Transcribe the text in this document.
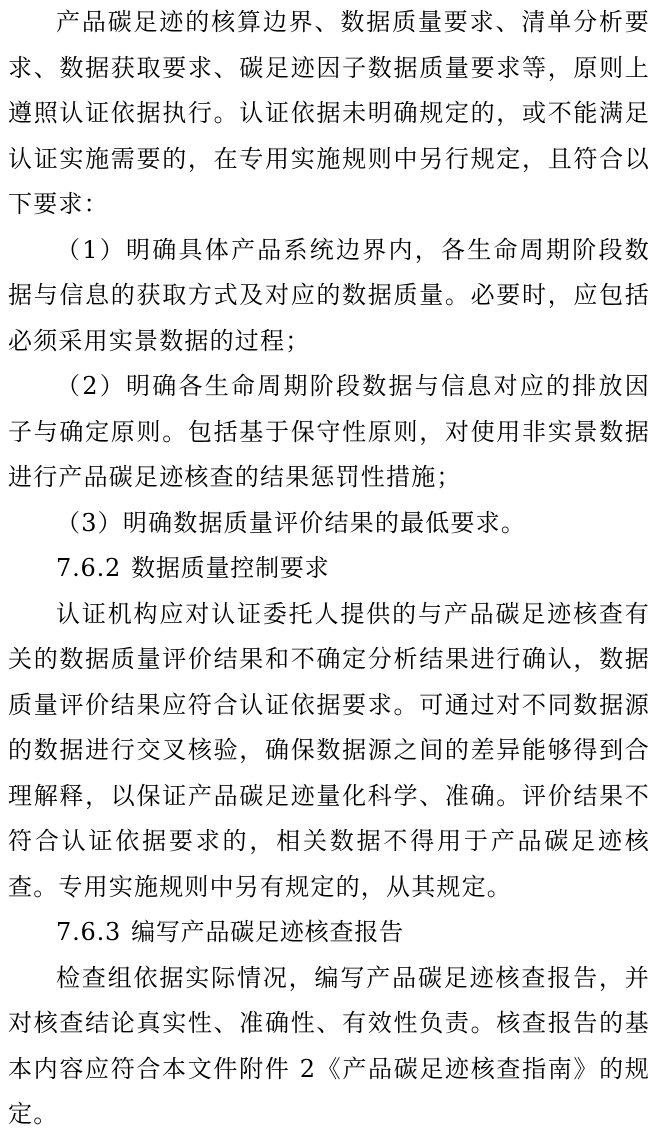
产品碳足迹的核算边界、数据质量要求、清单分析要求、数据获取要求、碳足迹因子数据质量要求等，原则上遵照认证依据执行。认证依据未明确规定的，或不能满足认证实施需要的，在专用实施规则中另行规定，且符合以下要求：

（1）明确具体产品系统边界内，各生命周期阶段数据与信息的获取方式及对应的数据质量。必要时，应包括必须采用实景数据的过程；

（2）明确各生命周期阶段数据与信息对应的排放因子与确定原则。包括基于保守性原则，对使用非实景数据进行产品碳足迹核查的结果惩罚性措施；

（3）明确数据质量评价结果的最低要求。

7.6.2 数据质量控制要求

认证机构应对认证委托人提供的与产品碳足迹核查有关的数据质量评价结果和不确定分析结果进行确认，数据质量评价结果应符合认证依据要求。可通过对不同数据源的数据进行交叉核验，确保数据源之间的差异能够得到合理解释，以保证产品碳足迹量化科学、准确。评价结果不符合认证依据要求的，相关数据不得用于产品碳足迹核查。专用实施规则中另有规定的，从其规定。

7.6.3 编写产品碳足迹核查报告

检查组依据实际情况，编写产品碳足迹核查报告，并对核查结论真实性、准确性、有效性负责。核查报告的基本内容应符合本文件附件 2《产品碳足迹核查指南》的规定。
